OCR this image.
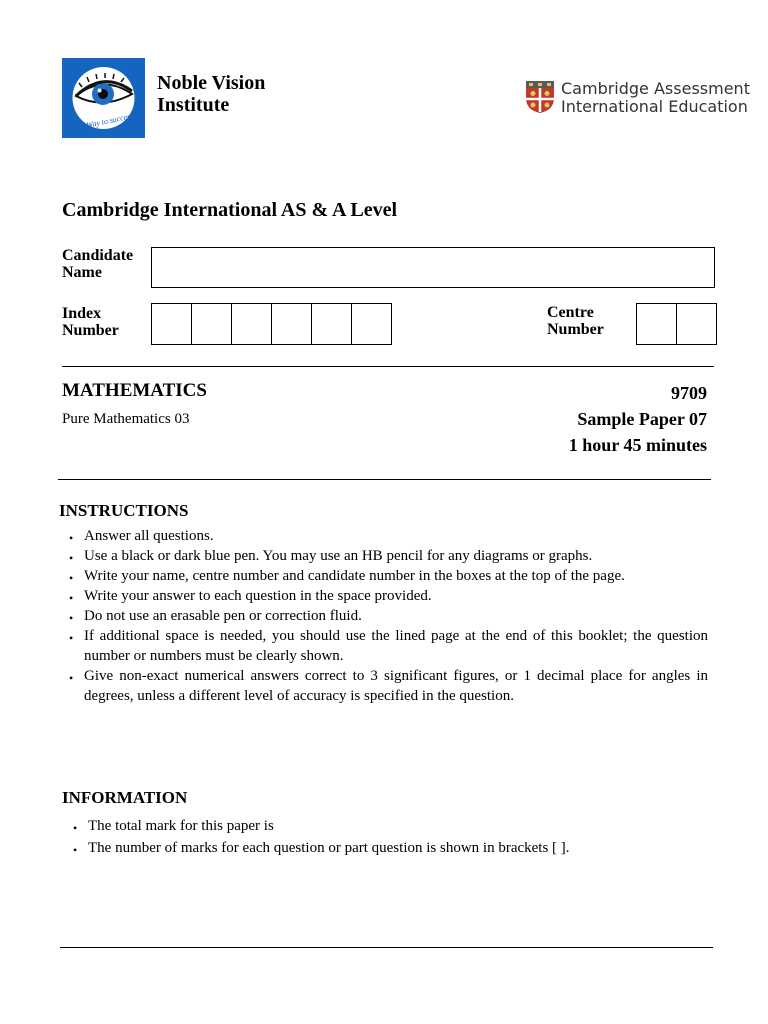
Way to success
Noble Vision
Institute
Cambridge Assessment
International Education
Cambridge International AS & A Level
Candidate
Name
Index
Number
Centre
Number
MATHEMATICS
Pure Mathematics 03
9709
Sample Paper 07
1 hour 45 minutes
INSTRUCTIONS
• Answer all questions.
• Use a black or dark blue pen. You may use an HB pencil for any diagrams or graphs.
• Write your name, centre number and candidate number in the boxes at the top of the page.
• Write your answer to each question in the space provided.
• Do not use an erasable pen or correction fluid.
• If additional space is needed, you should use the lined page at the end of this booklet; the question number or numbers must be clearly shown.
• Give non-exact numerical answers correct to 3 significant figures, or 1 decimal place for angles in degrees, unless a different level of accuracy is specified in the question.
INFORMATION
• The total mark for this paper is
• The number of marks for each question or part question is shown in brackets [ ].
